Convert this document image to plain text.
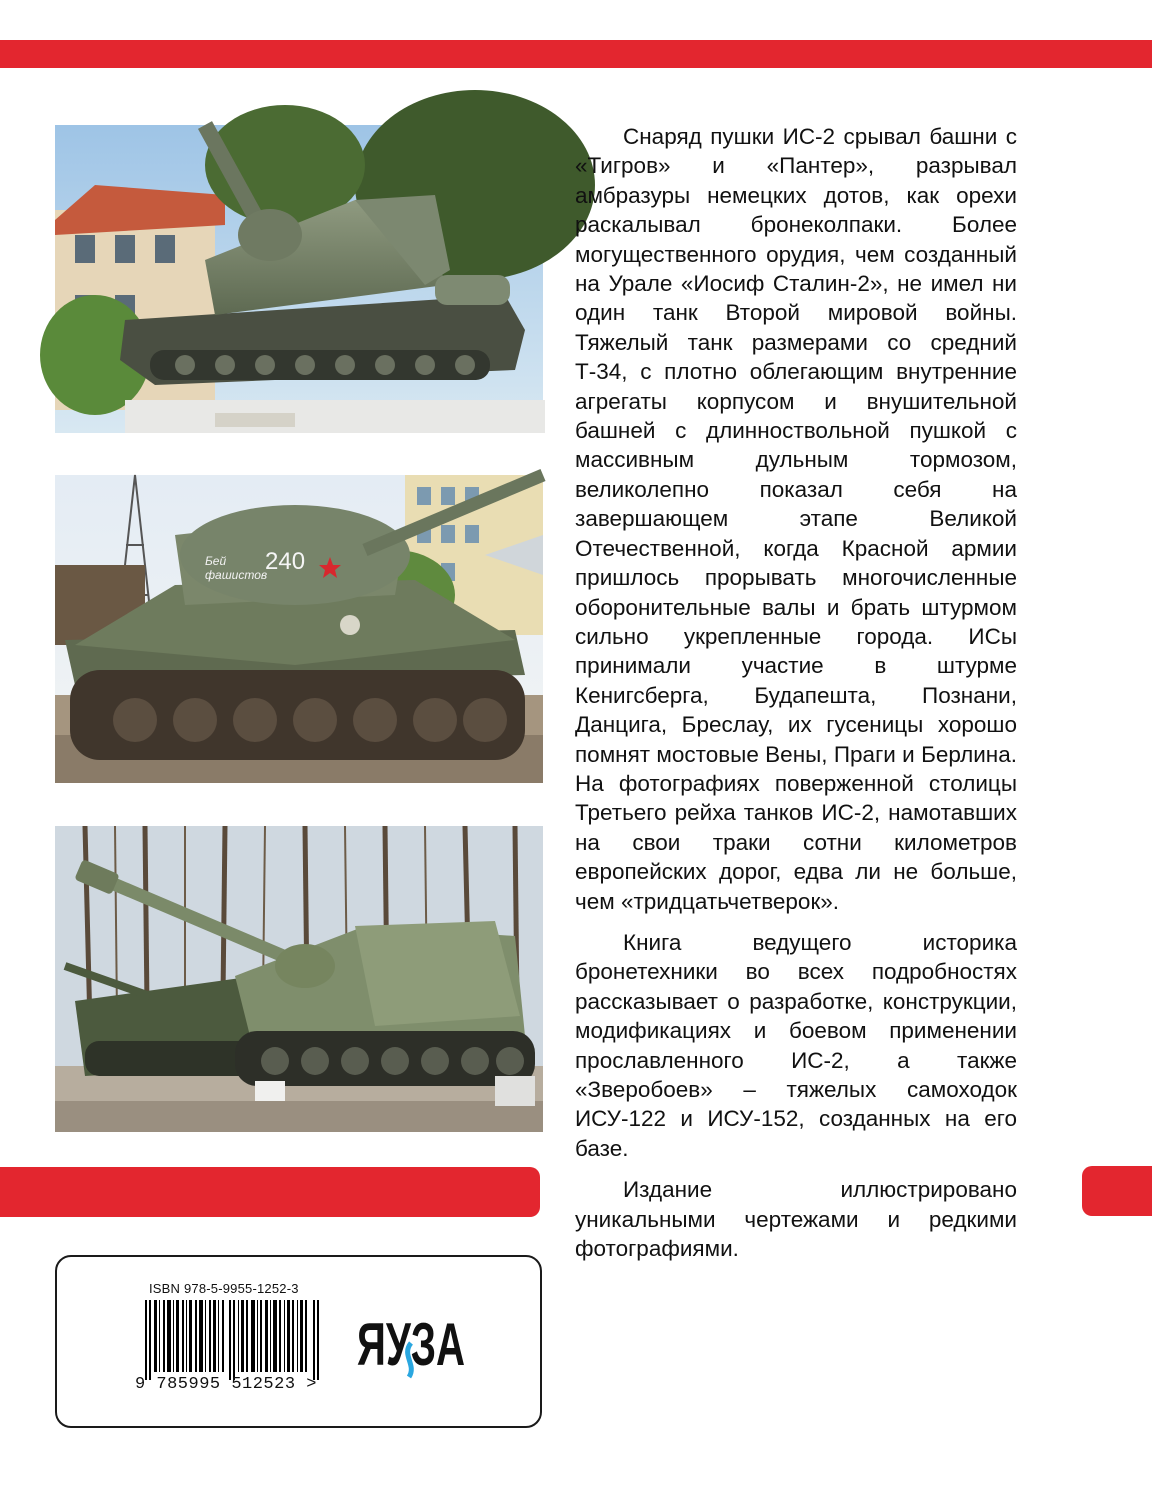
Бей
фашистов
240
ISBN 978-5-9955-1252-3
9 785995 512523 >
ЯУЗА

Снаряд пушки ИС-2 срывал башни с «Тигров» и «Пантер», разрывал амбразуры немецких дотов, как орехи раскалывал бронеколпаки. Более могущественного орудия, чем созданный на Урале «Иосиф Сталин-2», не имел ни один танк Второй мировой войны. Тяжелый танк размерами со средний Т-34, с плотно облегающим внутренние агрегаты корпусом и внушительной башней с длинноствольной пушкой с массивным дульным тормозом, великолепно показал себя на завершающем этапе Великой Отечественной, когда Красной армии пришлось прорывать многочисленные оборонительные валы и брать штурмом сильно укрепленные города. ИСы принимали участие в штурме Кенигсберга, Будапешта, Познани, Данцига, Бреслау, их гусеницы хорошо помнят мостовые Вены, Праги и Берлина. На фотографиях поверженной столицы Третьего рейха танков ИС-2, намотавших на свои траки сотни километров европейских дорог, едва ли не больше, чем «тридцатьчетверок».

Книга ведущего историка бронетехники во всех подробностях рассказывает о разработке, конструкции, модификациях и боевом применении прославленного ИС-2, а также «Зверобоев» – тяжелых самоходок ИСУ-122 и ИСУ-152, созданных на его базе.

Издание иллюстрировано уникальными чертежами и редкими фотографиями.
